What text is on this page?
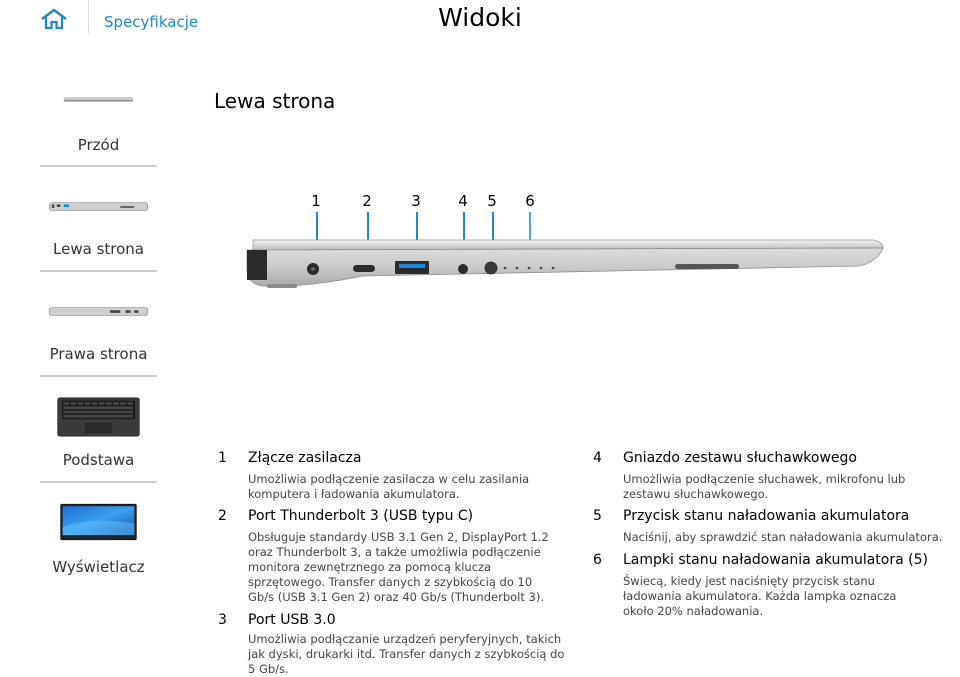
Specyfikacje	Widoki
Przód
Lewa strona
Prawa strona
Podstawa
Wyświetlacz
Lewa strona
1	2	3	4	5	6
1	Złącze zasilacza
Umożliwia podłączenie zasilacza w celu zasilania komputera i ładowania akumulatora.
2	Port Thunderbolt 3 (USB typu C)
Obsługuje standardy USB 3.1 Gen 2, DisplayPort 1.2 oraz Thunderbolt 3, a także umożliwia podłączenie monitora zewnętrznego za pomocą klucza sprzętowego. Transfer danych z szybkością do 10 Gb/s (USB 3.1 Gen 2) oraz 40 Gb/s (Thunderbolt 3).
3	Port USB 3.0
Umożliwia podłączanie urządzeń peryferyjnych, takich jak dyski, drukarki itd. Transfer danych z szybkością do 5 Gb/s.
4	Gniazdo zestawu słuchawkowego
Umożliwia podłączenie słuchawek, mikrofonu lub zestawu słuchawkowego.
5	Przycisk stanu naładowania akumulatora
Naciśnij, aby sprawdzić stan naładowania akumulatora.
6	Lampki stanu naładowania akumulatora (5)
Świecą, kiedy jest naciśnięty przycisk stanu ładowania akumulatora. Każda lampka oznacza około 20% naładowania.
